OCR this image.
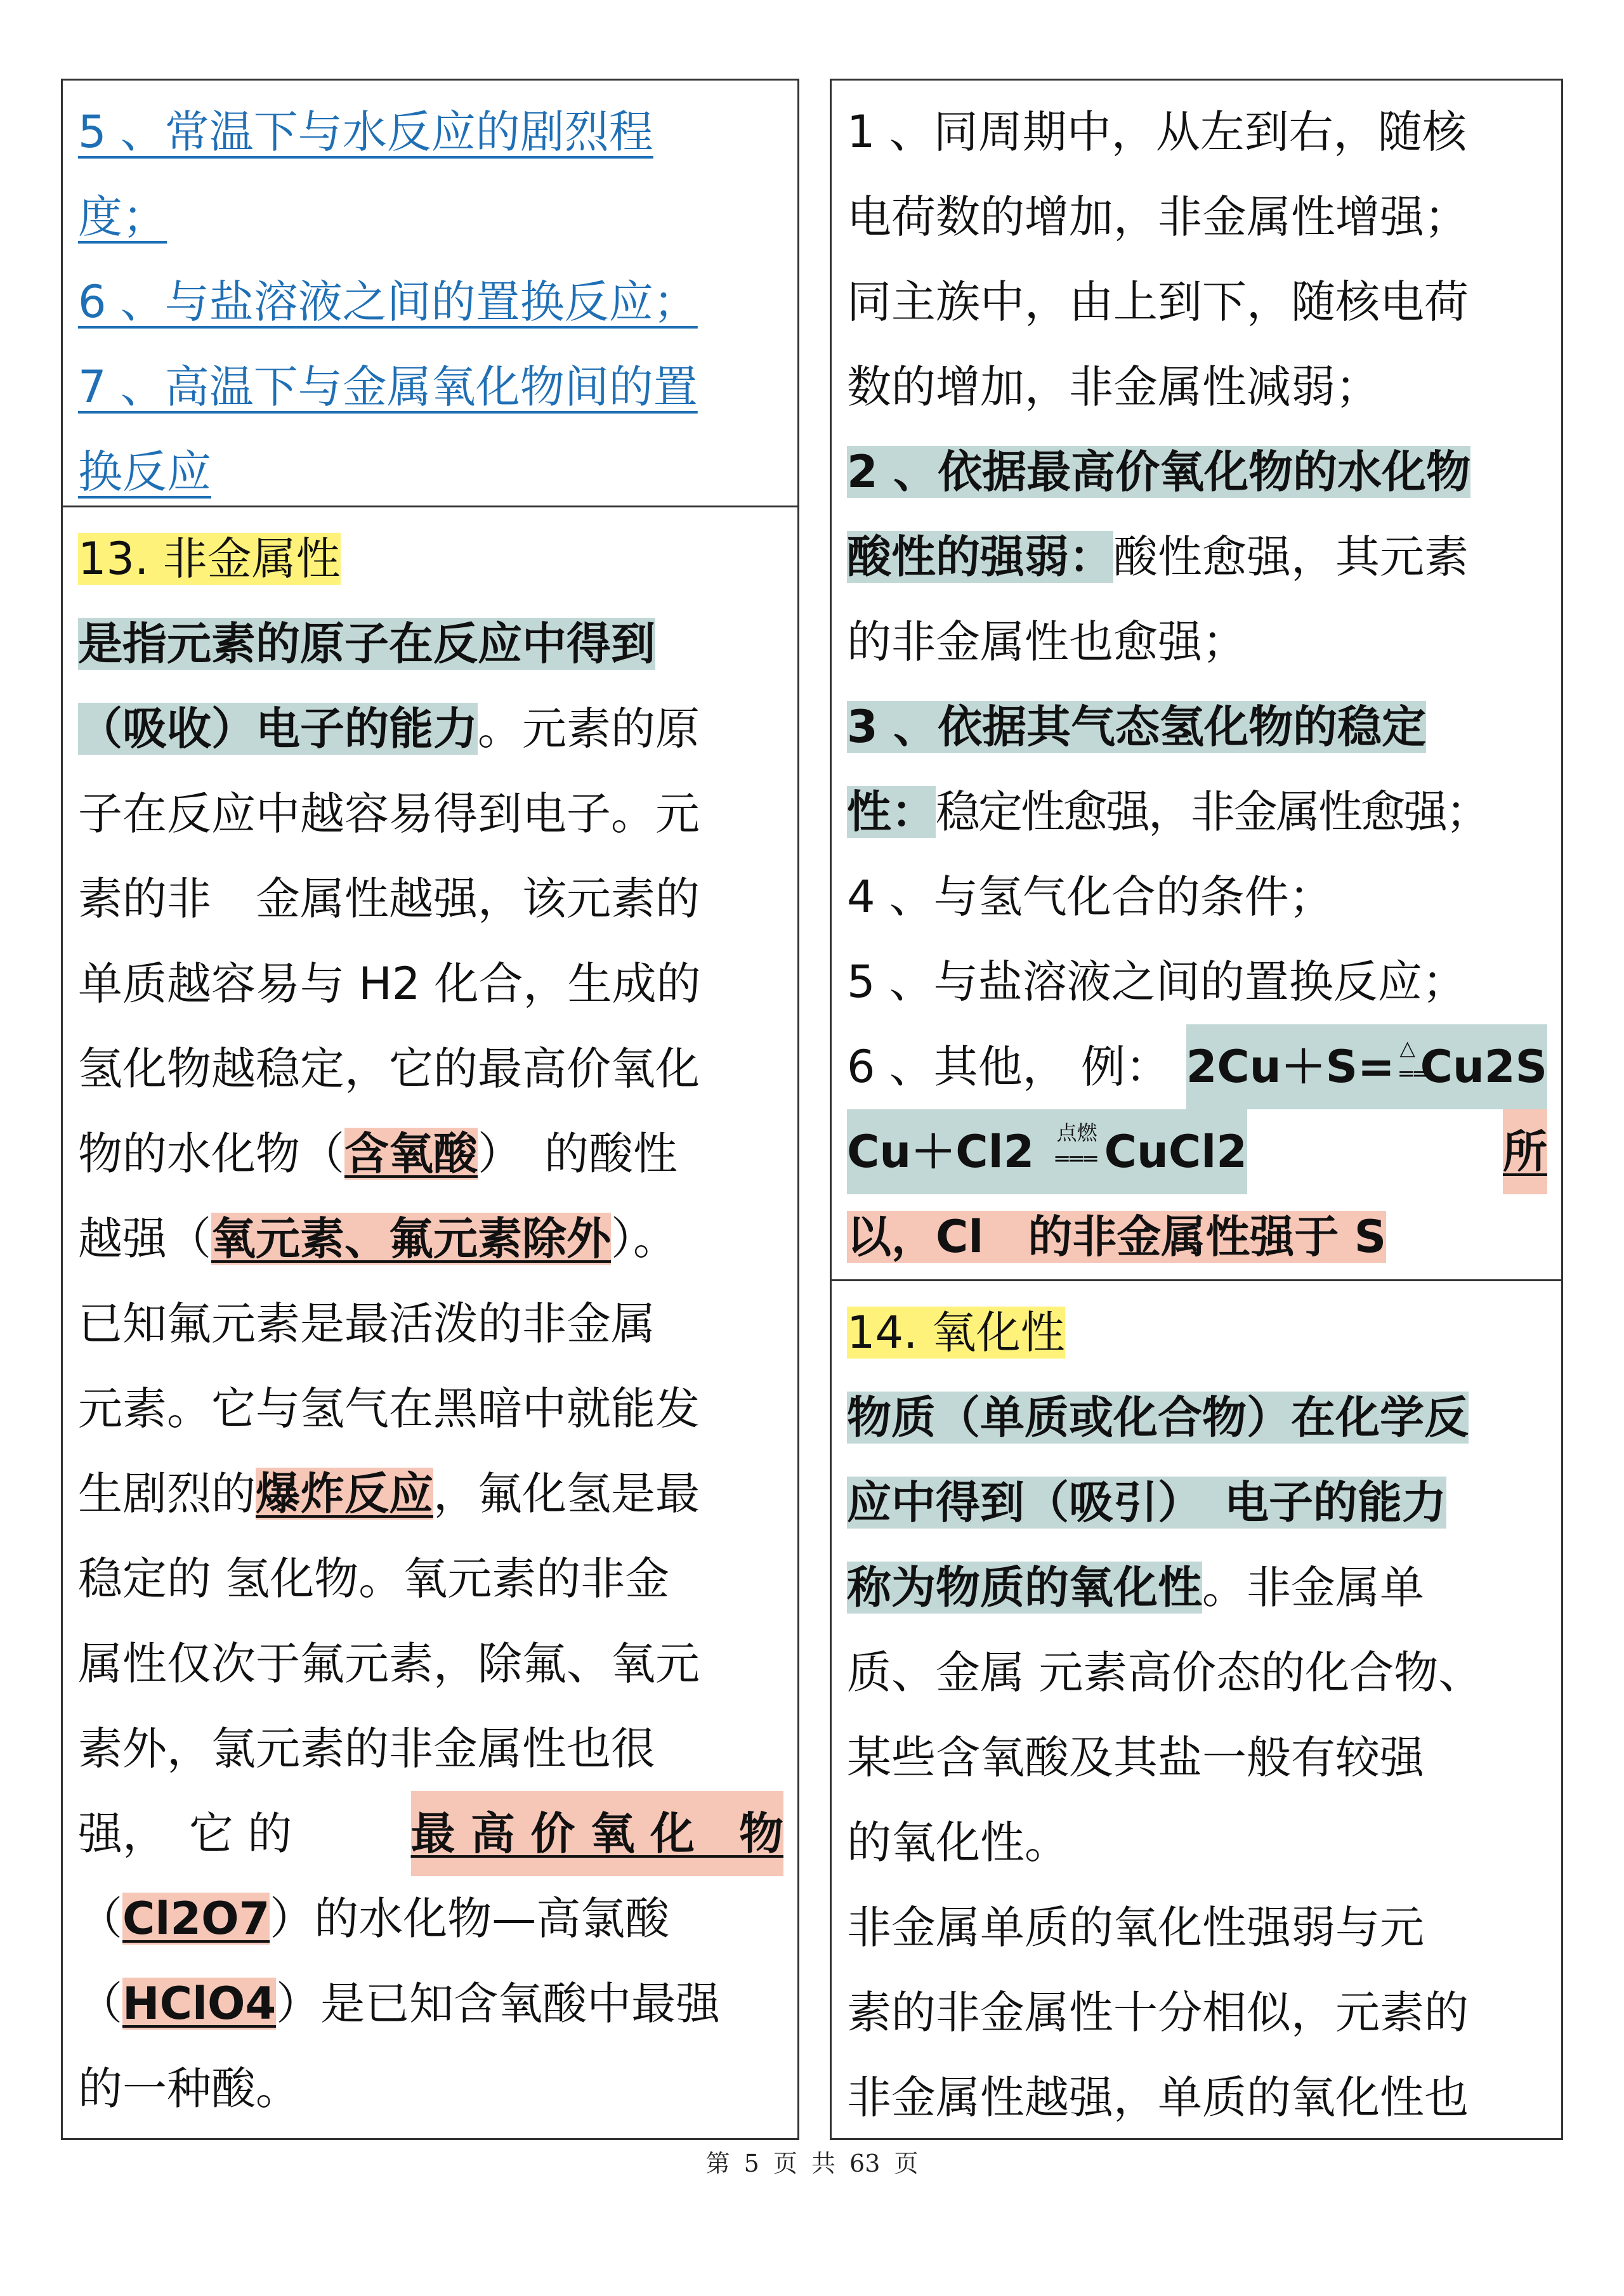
5 、常温下与水反应的剧烈程

度；

6 、与盐溶液之间的置换反应；

7 、高温下与金属氧化物间的置

换反应

13. 非金属性

是指元素的原子在反应中得到

（吸收）电子的能力。元素的原

子在反应中越容易得到电子。元

素的非　金属性越强，该元素的

单质越容易与 H2 化合，生成的

氢化物越稳定，它的最高价氧化

物的水化物（含氧酸）　的酸性

越强（氧元素、氟元素除外）。

已知氟元素是最活泼的非金属

元素。它与氢气在黑暗中就能发

生剧烈的爆炸反应，氟化氢是最

稳定的 氢化物。氧元素的非金

属性仅次于氟元素，除氟、氧元

素外，氯元素的非金属性也很

强，　它 的	最 高 价 氧 化　物

（Cl2O7）的水化物—高氯酸

（HClO4）是已知含氧酸中最强

的一种酸。

1 、同周期中，从左到右，随核

电荷数的增加，非金属性增强；

同主族中，由上到下，随核电荷

数的增加，非金属性减弱；

2 、依据最高价氧化物的水化物

酸性的强弱：酸性愈强，其元素

的非金属性也愈强；

3 、依据其气态氢化物的稳定

性：稳定性愈强，非金属性愈强；

4 、与氢气化合的条件；

5 、与盐溶液之间的置换反应；

6 、其他， 例： 2Cu＋S= △
══
Cu2S

Cu＋Cl2 点燃
═══ CuCl2	所

以，Cl　的非金属性强于 S

14. 氧化性

物质（单质或化合物）在化学反

应中得到（吸引）　电子的能力

称为物质的氧化性。非金属单

质、金属 元素高价态的化合物、

某些含氧酸及其盐一般有较强

的氧化性。

非金属单质的氧化性强弱与元

素的非金属性十分相似，元素的

非金属性越强，单质的氧化性也

第 5 页 共 63 页
